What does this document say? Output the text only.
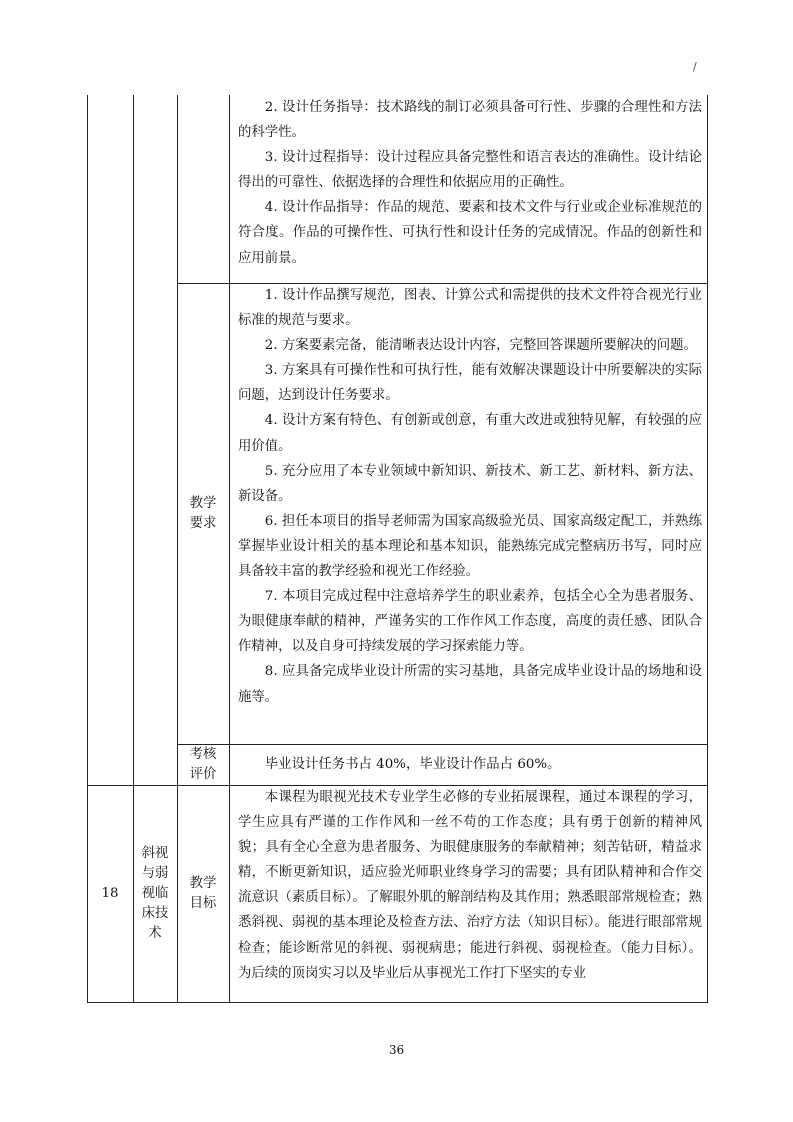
/

2. 设计任务指导：技术路线的制订必须具备可行性、步骤的合理性和方法的科学性。

3. 设计过程指导：设计过程应具备完整性和语言表达的准确性。设计结论得出的可靠性、依据选择的合理性和依据应用的正确性。

4. 设计作品指导：作品的规范、要素和技术文件与行业或企业标准规范的符合度。作品的可操作性、可执行性和设计任务的完成情况。作品的创新性和应用前景。

教学要求

1. 设计作品撰写规范，图表、计算公式和需提供的技术文件符合视光行业标准的规范与要求。

2. 方案要素完备，能清晰表达设计内容，完整回答课题所要解决的问题。

3. 方案具有可操作性和可执行性，能有效解决课题设计中所要解决的实际问题，达到设计任务要求。

4. 设计方案有特色、有创新或创意，有重大改进或独特见解，有较强的应用价值。

5. 充分应用了本专业领域中新知识、新技术、新工艺、新材料、新方法、新设备。

6. 担任本项目的指导老师需为国家高级验光员、国家高级定配工，并熟练掌握毕业设计相关的基本理论和基本知识，能熟练完成完整病历书写，同时应具备较丰富的教学经验和视光工作经验。

7. 本项目完成过程中注意培养学生的职业素养，包括全心全为患者服务、为眼健康奉献的精神，严谨务实的工作作风工作态度，高度的责任感、团队合作精神，以及自身可持续发展的学习探索能力等。

8. 应具备完成毕业设计所需的实习基地，具备完成毕业设计品的场地和设施等。

考核评价

毕业设计任务书占 40%，毕业设计作品占 60%。

18
斜视与弱视临床技术
教学目标

本课程为眼视光技术专业学生必修的专业拓展课程，通过本课程的学习，学生应具有严谨的工作作风和一丝不苟的工作态度；具有勇于创新的精神风貌；具有全心全意为患者服务、为眼健康服务的奉献精神；刻苦钻研，精益求精，不断更新知识，适应验光师职业终身学习的需要；具有团队精神和合作交流意识（素质目标）。了解眼外肌的解剖结构及其作用；熟悉眼部常规检查；熟悉斜视、弱视的基本理论及检查方法、治疗方法（知识目标）。能进行眼部常规检查；能诊断常见的斜视、弱视病患；能进行斜视、弱视检查。（能力目标）。为后续的顶岗实习以及毕业后从事视光工作打下坚实的专业

36
